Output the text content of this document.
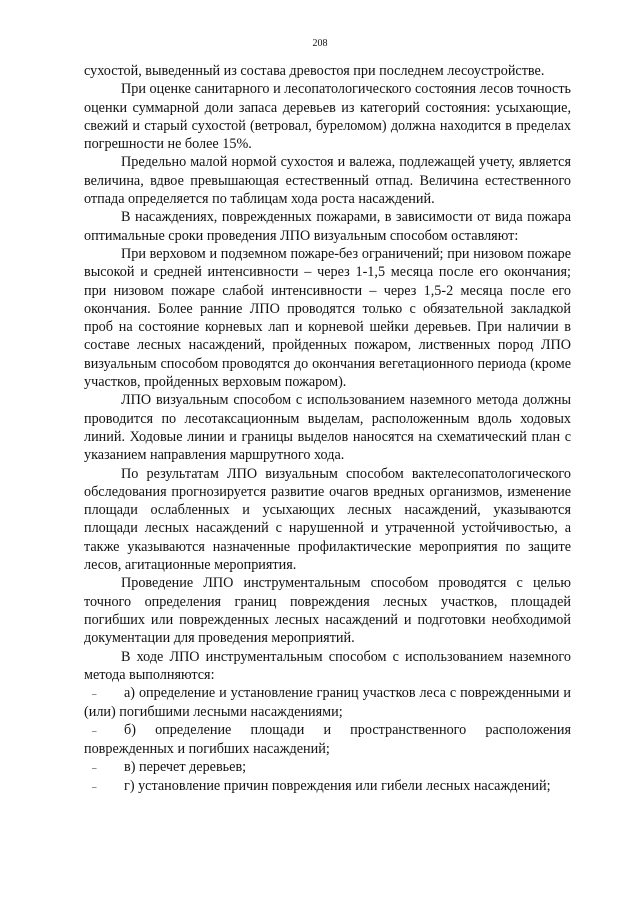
208

сухостой, выведенный из состава древостоя при последнем лесоустройстве.

При оценке санитарного и лесопатологического состояния лесов точность оценки суммарной доли запаса деревьев из категорий состояния: усыхающие, свежий и старый сухостой (ветровал, буреломом) должна находится в пределах погрешности не более 15%.

Предельно малой нормой сухостоя и валежа, подлежащей учету, является величина, вдвое превышающая естественный отпад. Величина естественного отпада определяется по таблицам хода роста насаждений.

В насаждениях, поврежденных пожарами, в зависимости от вида пожара оптимальные сроки проведения ЛПО визуальным способом оставляют:

При верховом и подземном пожаре-без ограничений; при низовом пожаре высокой и средней интенсивности – через 1-1,5 месяца после его окончания; при низовом пожаре слабой интенсивности – через 1,5-2 месяца после его окончания. Более ранние ЛПО проводятся только с обязательной закладкой проб на состояние корневых лап и корневой шейки деревьев. При наличии в составе лесных насаждений, пройденных пожаром, лиственных пород ЛПО визуальным способом проводятся до окончания вегетационного периода (кроме участков, пройденных верховым пожаром).

ЛПО визуальным способом с использованием наземного метода должны проводится по лесотаксационным выделам, расположенным вдоль ходовых линий. Ходовые линии и границы выделов наносятся на схематический план с указанием направления маршрутного хода.

По результатам ЛПО визуальным способом вактелесопатологического обследования прогнозируется развитие очагов вредных организмов, изменение площади ослабленных и усыхающих лесных насаждений, указываются площади лесных насаждений с нарушенной и утраченной устойчивостью, а также указываются назначенные профилактические мероприятия по защите лесов, агитационные мероприятия.

Проведение ЛПО инструментальным способом проводятся с целью точного определения границ повреждения лесных участков, площадей погибших или поврежденных лесных насаждений и подготовки необходимой документации для проведения мероприятий.

В ходе ЛПО инструментальным способом с использованием наземного метода выполняются:

– а) определение и установление границ участков леса с поврежденными и (или) погибшими лесными насаждениями;

– б) определение площади и пространственного расположения поврежденных и погибших насаждений;

– в) перечет деревьев;

– г) установление причин повреждения или гибели лесных насаждений;
